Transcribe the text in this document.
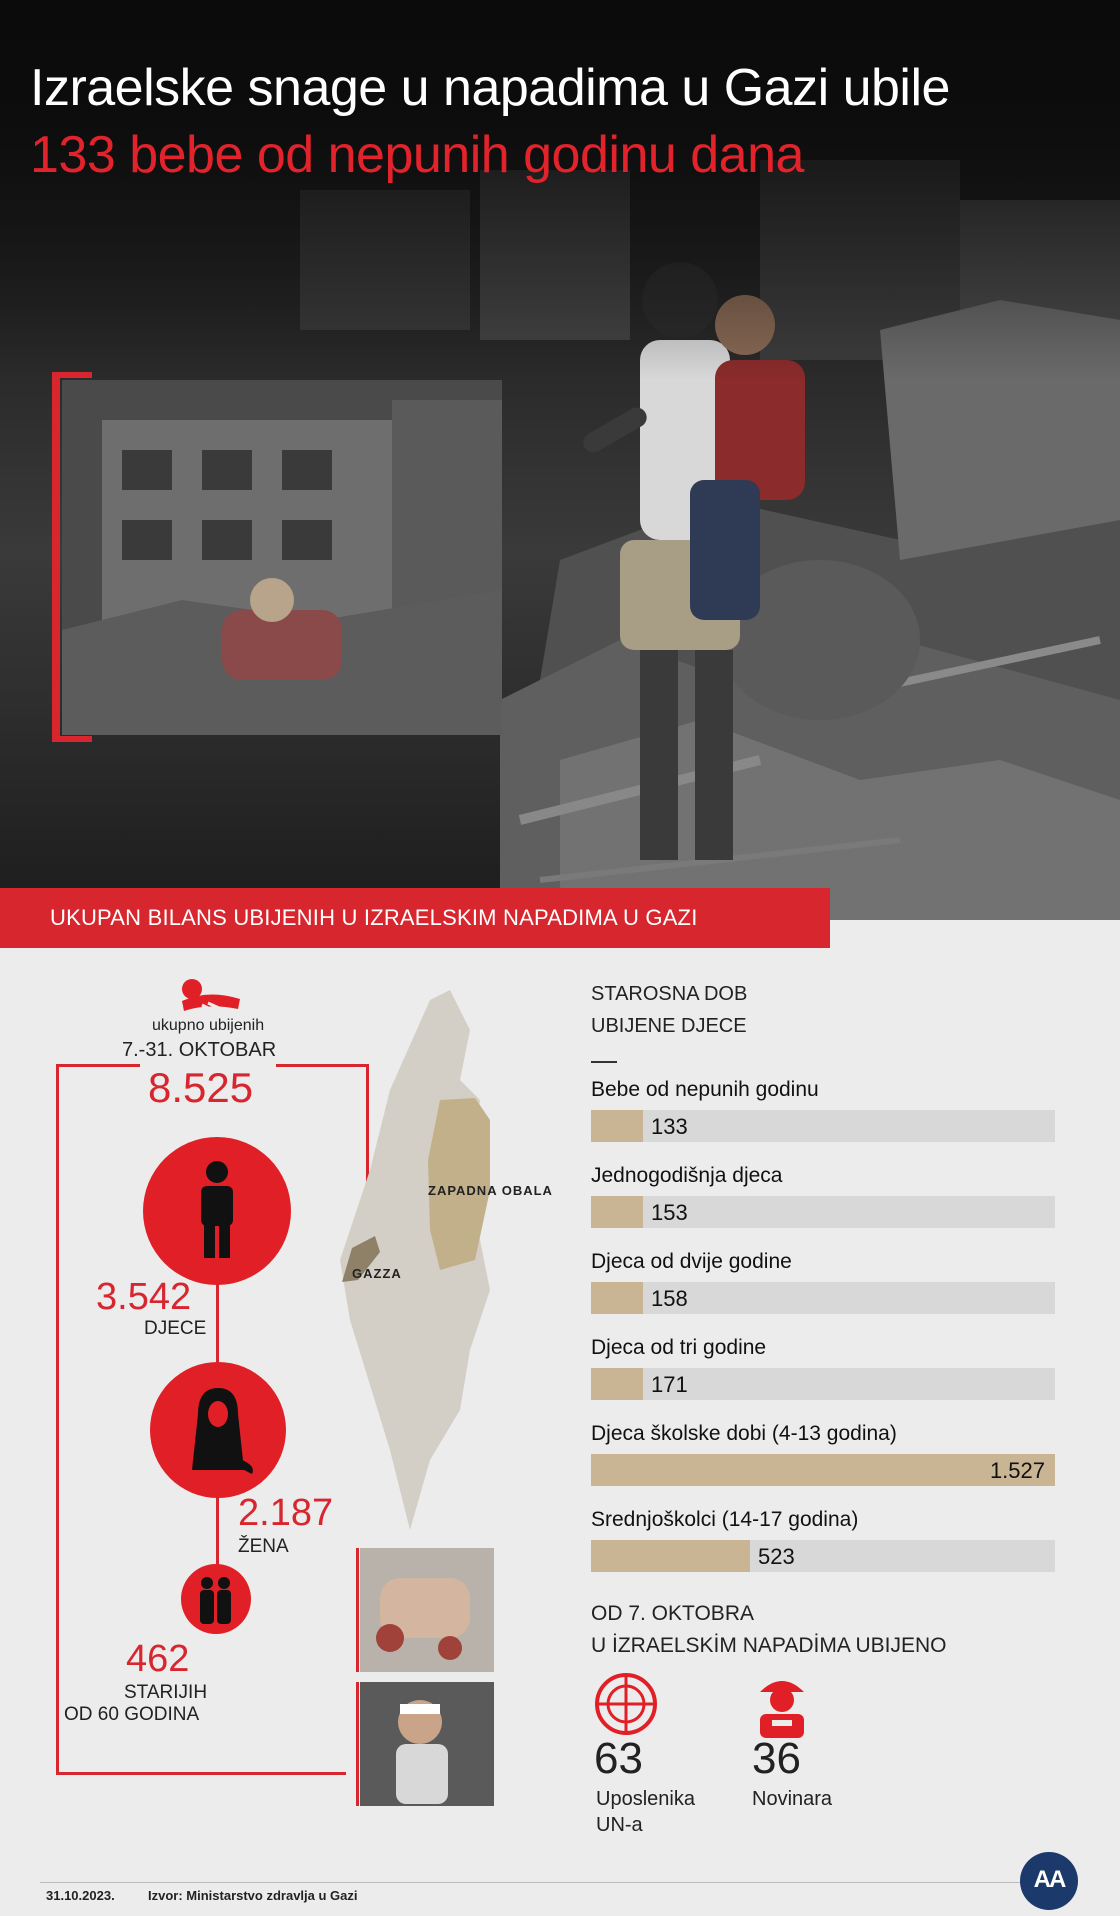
Izraelske snage u napadima u Gazi ubile
133 bebe od nepunih godinu dana
UKUPAN BILANS UBIJENIH U IZRAELSKIM NAPADIMA U GAZI
ukupno ubijenih
7.-31. OKTOBAR
8.525
3.542
DJECE
2.187
ŽENA
462
STARIJIH
OD 60 GODINA
ZAPADNA OBALA
GAZZA
STAROSNA DOB
UBIJENE DJECE
Bebe od nepunih godinu
133
Jednogodišnja djeca
153
Djeca od dvije godine
158
Djeca od tri godine
171
Djeca školske dobi (4-13 godina)
1.527
Srednjoškolci (14-17 godina)
523
OD 7. OKTOBRA
U İZRAELSKİM NAPADİMA UBIJENO
63
Uposlenika
UN-a
36
Novinara
31.10.2023.	Izvor: Ministarstvo zdravlja u Gazi
AA
